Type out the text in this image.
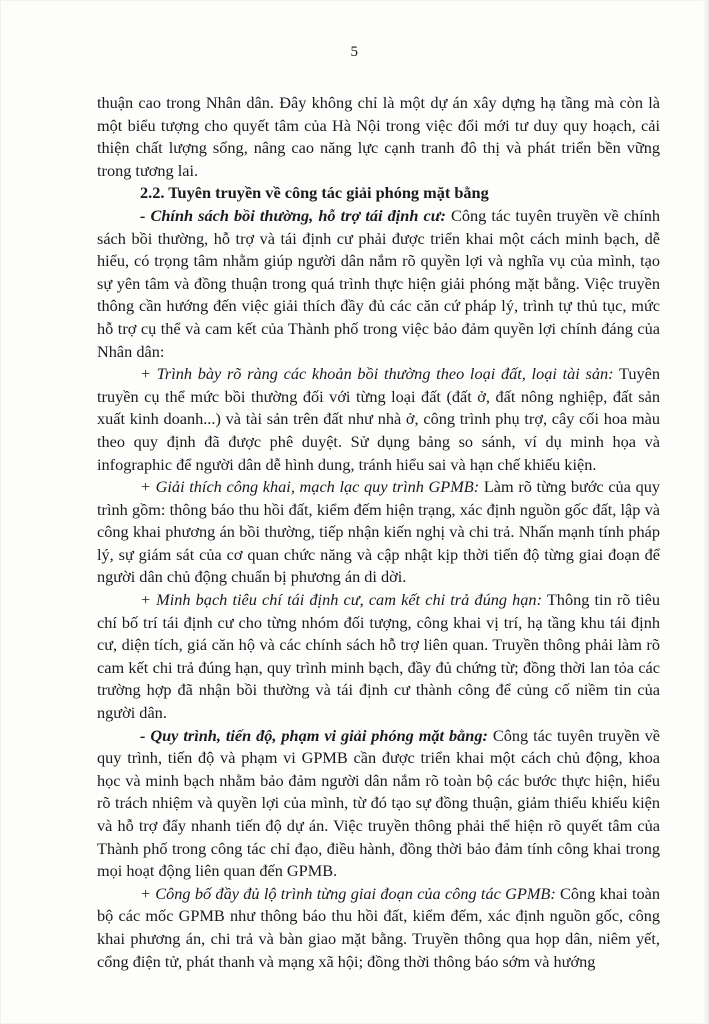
5

thuận cao trong Nhân dân. Đây không chỉ là một dự án xây dựng hạ tầng mà còn là một biểu tượng cho quyết tâm của Hà Nội trong việc đổi mới tư duy quy hoạch, cải thiện chất lượng sống, nâng cao năng lực cạnh tranh đô thị và phát triển bền vững trong tương lai.

2.2. Tuyên truyền về công tác giải phóng mặt bằng

- Chính sách bồi thường, hỗ trợ tái định cư: Công tác tuyên truyền về chính sách bồi thường, hỗ trợ và tái định cư phải được triển khai một cách minh bạch, dễ hiểu, có trọng tâm nhằm giúp người dân nắm rõ quyền lợi và nghĩa vụ của mình, tạo sự yên tâm và đồng thuận trong quá trình thực hiện giải phóng mặt bằng. Việc truyền thông cần hướng đến việc giải thích đầy đủ các căn cứ pháp lý, trình tự thủ tục, mức hỗ trợ cụ thể và cam kết của Thành phố trong việc bảo đảm quyền lợi chính đáng của Nhân dân:

+ Trình bày rõ ràng các khoản bồi thường theo loại đất, loại tài sản: Tuyên truyền cụ thể mức bồi thường đối với từng loại đất (đất ở, đất nông nghiệp, đất sản xuất kinh doanh...) và tài sản trên đất như nhà ở, công trình phụ trợ, cây cối hoa màu theo quy định đã được phê duyệt. Sử dụng bảng so sánh, ví dụ minh họa và infographic để người dân dễ hình dung, tránh hiểu sai và hạn chế khiếu kiện.

+ Giải thích công khai, mạch lạc quy trình GPMB: Làm rõ từng bước của quy trình gồm: thông báo thu hồi đất, kiểm đếm hiện trạng, xác định nguồn gốc đất, lập và công khai phương án bồi thường, tiếp nhận kiến nghị và chi trả. Nhấn mạnh tính pháp lý, sự giám sát của cơ quan chức năng và cập nhật kịp thời tiến độ từng giai đoạn để người dân chủ động chuẩn bị phương án di dời.

+ Minh bạch tiêu chí tái định cư, cam kết chi trả đúng hạn: Thông tin rõ tiêu chí bố trí tái định cư cho từng nhóm đối tượng, công khai vị trí, hạ tầng khu tái định cư, diện tích, giá căn hộ và các chính sách hỗ trợ liên quan. Truyền thông phải làm rõ cam kết chi trả đúng hạn, quy trình minh bạch, đầy đủ chứng từ; đồng thời lan tỏa các trường hợp đã nhận bồi thường và tái định cư thành công để củng cố niềm tin của người dân.

- Quy trình, tiến độ, phạm vi giải phóng mặt bằng: Công tác tuyên truyền về quy trình, tiến độ và phạm vi GPMB cần được triển khai một cách chủ động, khoa học và minh bạch nhằm bảo đảm người dân nắm rõ toàn bộ các bước thực hiện, hiểu rõ trách nhiệm và quyền lợi của mình, từ đó tạo sự đồng thuận, giảm thiểu khiếu kiện và hỗ trợ đẩy nhanh tiến độ dự án. Việc truyền thông phải thể hiện rõ quyết tâm của Thành phố trong công tác chỉ đạo, điều hành, đồng thời bảo đảm tính công khai trong mọi hoạt động liên quan đến GPMB.

+ Công bố đầy đủ lộ trình từng giai đoạn của công tác GPMB: Công khai toàn bộ các mốc GPMB như thông báo thu hồi đất, kiểm đếm, xác định nguồn gốc, công khai phương án, chi trả và bàn giao mặt bằng. Truyền thông qua họp dân, niêm yết, cổng điện tử, phát thanh và mạng xã hội; đồng thời thông báo sớm và hướng
